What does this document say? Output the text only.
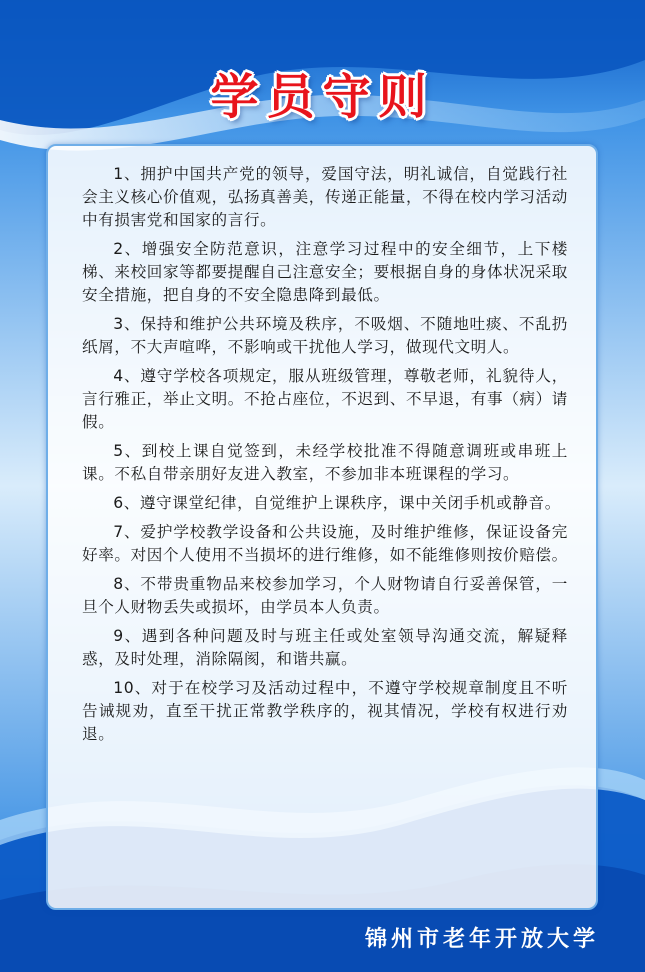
学员守则
1、拥护中国共产党的领导，爱国守法，明礼诚信，自觉践行社会主义核心价值观，弘扬真善美，传递正能量，不得在校内学习活动中有损害党和国家的言行。
2、增强安全防范意识，注意学习过程中的安全细节，上下楼梯、来校回家等都要提醒自己注意安全；要根据自身的身体状况采取安全措施，把自身的不安全隐患降到最低。
3、保持和维护公共环境及秩序，不吸烟、不随地吐痰、不乱扔纸屑，不大声喧哗，不影响或干扰他人学习，做现代文明人。
4、遵守学校各项规定，服从班级管理，尊敬老师，礼貌待人，言行雅正，举止文明。不抢占座位，不迟到、不早退，有事（病）请假。
5、到校上课自觉签到，未经学校批准不得随意调班或串班上课。不私自带亲朋好友进入教室，不参加非本班课程的学习。
6、遵守课堂纪律，自觉维护上课秩序，课中关闭手机或静音。
7、爱护学校教学设备和公共设施，及时维护维修，保证设备完好率。对因个人使用不当损坏的进行维修，如不能维修则按价赔偿。
8、不带贵重物品来校参加学习，个人财物请自行妥善保管，一旦个人财物丢失或损坏，由学员本人负责。
9、遇到各种问题及时与班主任或处室领导沟通交流，解疑释惑，及时处理，消除隔阂，和谐共赢。
10、对于在校学习及活动过程中，不遵守学校规章制度且不听告诫规劝，直至干扰正常教学秩序的，视其情况，学校有权进行劝退。
锦州市老年开放大学
